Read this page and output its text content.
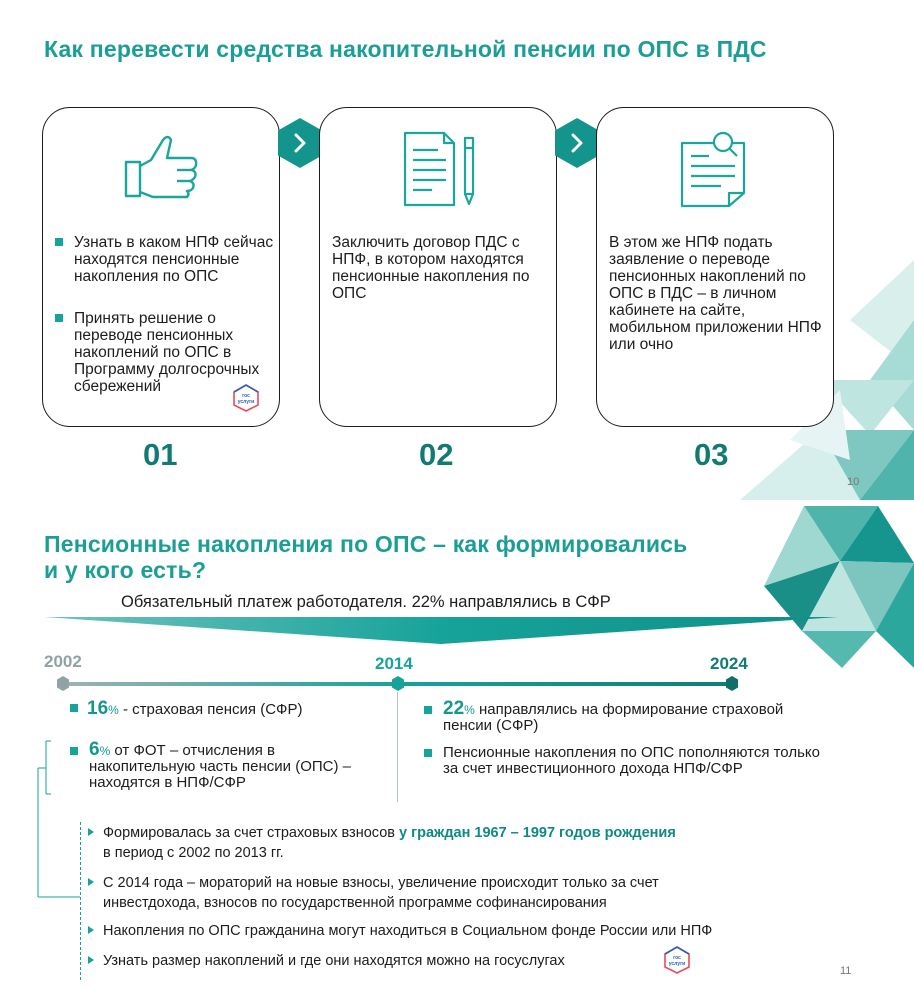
Как перевести средства накопительной пенсии по ОПС в ПДС
Узнать в каком НПФ сейчас находятся пенсионные накопления по ОПС
Принять решение о переводе пенсионных накоплений по ОПС в Программу долгосрочных сбережений
гос
услуги
Заключить договор ПДС с НПФ, в котором находятся пенсионные накопления по ОПС
В этом же НПФ подать заявление о переводе пенсионных накоплений по ОПС в ПДС – в личном кабинете на сайте, мобильном приложении НПФ или очно
01	02	03
10
Пенсионные накопления по ОПС – как формировались
и у кого есть?
Обязательный платеж работодателя. 22% направлялись в СФР
2002	2014	2024
16% - страховая пенсия (СФР)
6% от ФОТ – отчисления в накопительную часть пенсии (ОПС) – находятся в НПФ/СФР
22% направлялись на формирование страховой пенсии (СФР)
Пенсионные накопления по ОПС пополняются только за счет инвестиционного дохода НПФ/СФР
Формировалась за счет страховых взносов у граждан 1967 – 1997 годов рождения
в период с 2002 по 2013 гг.
С 2014 года – мораторий на новые взносы, увеличение происходит только за счет
инвестдохода, взносов по государственной программе софинансирования
Накопления по ОПС гражданина могут находиться в Социальном фонде России или НПФ
Узнать размер накоплений и где они находятся можно на госуслугах	гос
услуги
11
